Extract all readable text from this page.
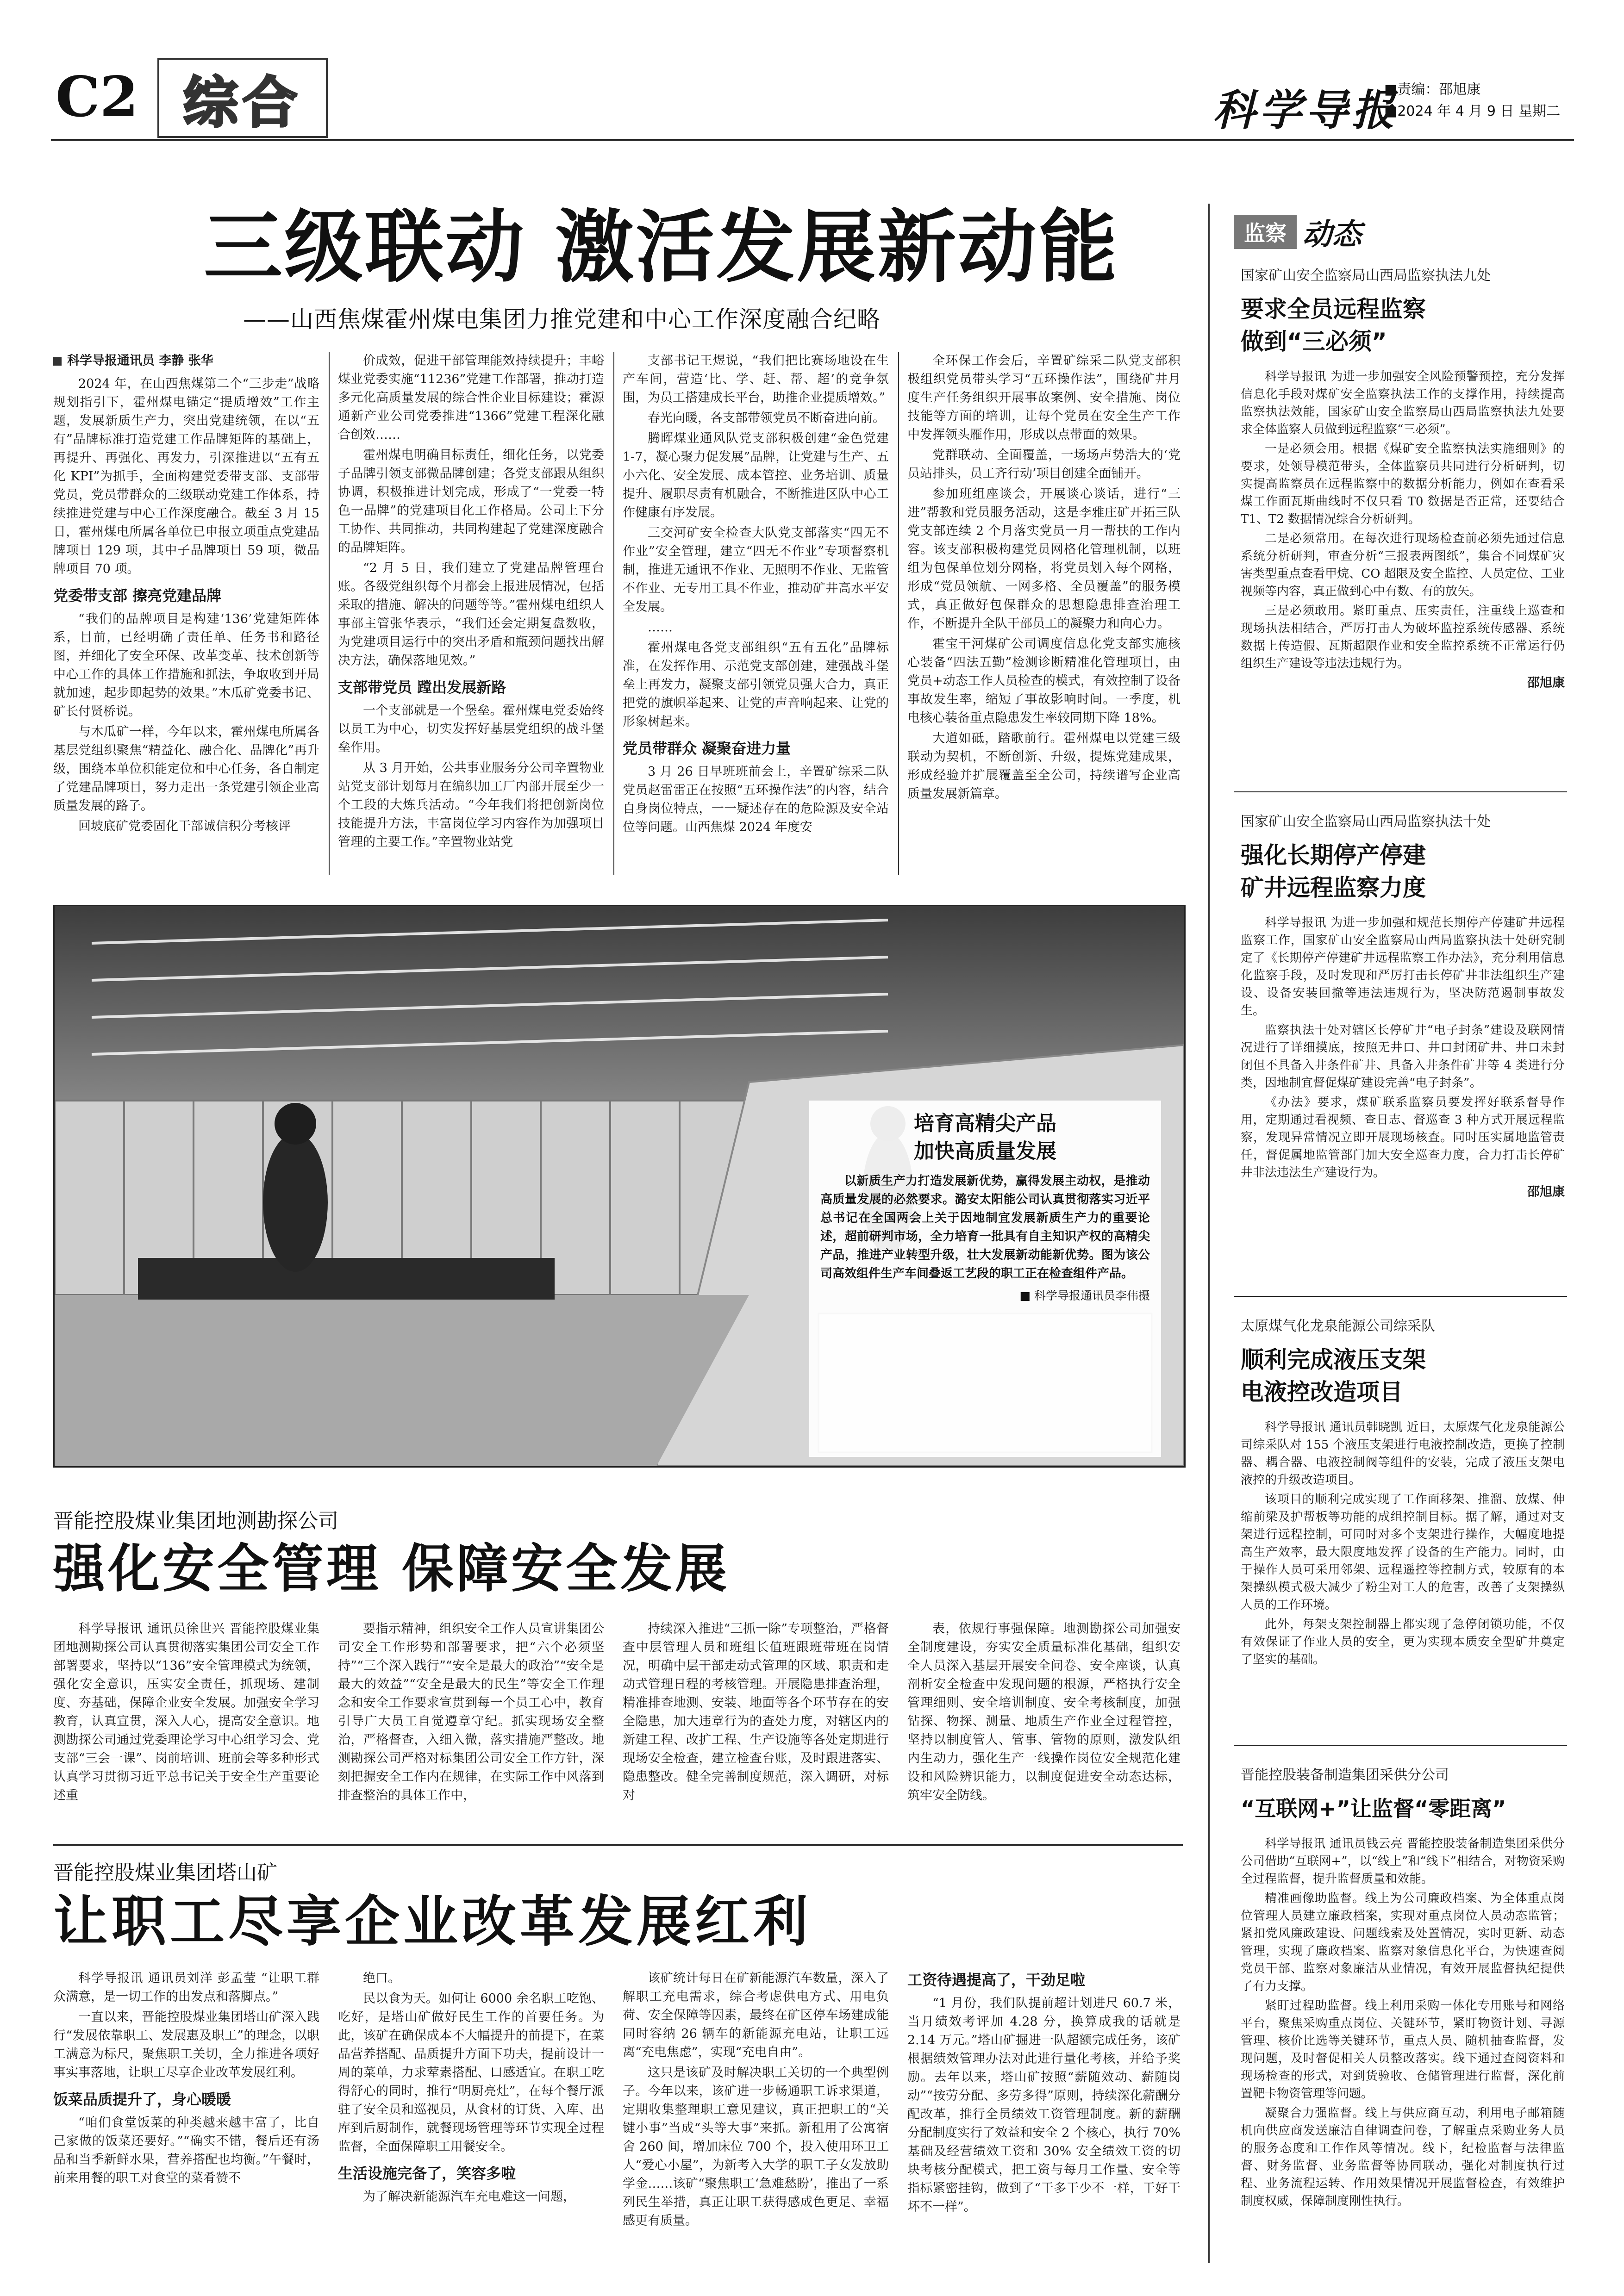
C2 综合	科学导报
■责编：邵旭康
■2024 年 4 月 9 日 星期二
三级联动 激活发展新动能
——山西焦煤霍州煤电集团力推党建和中心工作深度融合纪略
科学导报通讯员 李静 张华

2024 年，在山西焦煤第二个“三步走”战略规划指引下，霍州煤电锚定“提质增效”工作主题，发展新质生产力，突出党建统领，在以“五有”品牌标准打造党建工作品牌矩阵的基础上，再提升、再强化、再发力，引深推进以“五有五化 KPI”为抓手，全面构建党委带支部、支部带党员，党员带群众的三级联动党建工作体系，持续推进党建与中心工作深度融合。截至 3 月 15 日，霍州煤电所属各单位已申报立项重点党建品牌项目 129 项，其中子品牌项目 59 项，微品牌项目 70 项。

党委带支部 擦亮党建品牌

“我们的品牌项目是构建‘136’党建矩阵体系，目前，已经明确了责任单、任务书和路径图，并细化了安全环保、改革变革、技术创新等中心工作的具体工作措施和抓法，争取收到开局就加速，起步即起势的效果。”木瓜矿党委书记、矿长付贤桥说。

与木瓜矿一样，今年以来，霍州煤电所属各基层党组织聚焦“精益化、融合化、品牌化”再升级，围绕本单位积能定位和中心任务，各自制定了党建品牌项目，努力走出一条党建引领企业高质量发展的路子。

回坡底矿党委固化干部诚信积分考核评

价成效，促进干部管理能效持续提升；丰峪煤业党委实施“11236”党建工作部署，推动打造多元化高质量发展的综合性企业目标建设；霍源通新产业公司党委推进“1366”党建工程深化融合创效……

霍州煤电明确目标责任，细化任务，以党委子品牌引领支部微品牌创建；各党支部跟从组织协调，积极推进计划完成，形成了“一党委一特色一品牌”的党建项目化工作格局。公司上下分工协作、共同推动，共同构建起了党建深度融合的品牌矩阵。

“2 月 5 日，我们建立了党建品牌管理台账。各级党组织每个月都会上报进展情况，包括采取的措施、解决的问题等等。”霍州煤电组织人事部主管张华表示，“我们还会定期复盘数收，为党建项目运行中的突出矛盾和瓶颈问题找出解决方法，确保落地见效。”

支部带党员 蹚出发展新路

一个支部就是一个堡垒。霍州煤电党委始终以员工为中心，切实发挥好基层党组织的战斗堡垒作用。

从 3 月开始，公共事业服务分公司辛置物业站党支部计划每月在编织加工厂内部开展至少一个工段的大炼兵活动。“今年我们将把创新岗位技能提升方法，丰富岗位学习内容作为加强项目管理的主要工作。”辛置物业站党

支部书记王煜说，“我们把比赛场地设在生产车间，营造‘比、学、赶、帮、超’的竞争氛围，为员工搭建成长平台，助推企业提质增效。”

春光向暖，各支部带领党员不断奋进向前。

腾晖煤业通风队党支部积极创建“金色党建 1-7，凝心聚力促发展”品牌，让党建与生产、五小六化、安全发展、成本管控、业务培训、质量提升、履职尽责有机融合，不断推进区队中心工作健康有序发展。

三交河矿安全检查大队党支部落实“四无不作业”安全管理，建立“四无不作业”专项督察机制，推进无通讯不作业、无照明不作业、无监管不作业、无专用工具不作业，推动矿井高水平安全发展。

……

霍州煤电各党支部组织“五有五化”品牌标准，在发挥作用、示范党支部创建，建强战斗堡垒上再发力，凝聚支部引领党员强大合力，真正把党的旗帜举起来、让党的声音响起来、让党的形象树起来。

党员带群众 凝聚奋进力量

3 月 26 日早班班前会上，辛置矿综采二队党员赵雷雷正在按照“五环操作法”的内容，结合自身岗位特点，一一疑述存在的危险源及安全站位等问题。山西焦煤 2024 年度安

全环保工作会后，辛置矿综采二队党支部积极组织党员带头学习“五环操作法”，围绕矿井月度生产任务组织开展事故案例、安全措施、岗位技能等方面的培训，让每个党员在安全生产工作中发挥领头雁作用，形成以点带面的效果。

党群联动、全面覆盖，一场场声势浩大的‘党员站排头，员工齐行动’项目创建全面铺开。

参加班组座谈会，开展谈心谈话，进行“三进”帮教和党员服务活动，这是李雅庄矿开拓三队党支部连续 2 个月落实党员一月一帮扶的工作内容。该支部积极构建党员网格化管理机制，以班组为包保单位划分网格，将党员划入每个网格，形成“党员领航、一网多格、全员覆盖”的服务模式，真正做好包保群众的思想隐患排查治理工作，不断提升全队干部员工的凝聚力和向心力。

霍宝干河煤矿公司调度信息化党支部实施核心装备“四法五勤”检测诊断精准化管理项目，由党员+动态工作人员检查的模式，有效控制了设备事故发生率，缩短了事故影响时间。一季度，机电核心装备重点隐患发生率较同期下降 18%。

大道如砥，踏歌前行。霍州煤电以党建三级联动为契机，不断创新、升级，提炼党建成果，形成经验并扩展覆盖至全公司，持续谱写企业高质量发展新篇章。

培育高精尖产品
加快高质量发展
以新质生产力打造发展新优势，赢得发展主动权，是推动高质量发展的必然要求。潞安太阳能公司认真贯彻落实习近平总书记在全国两会上关于因地制宜发展新质生产力的重要论述，超前研判市场，全力培育一批具有自主知识产权的高精尖产品，推进产业转型升级，壮大发展新动能新优势。图为该公司高效组件生产车间叠返工艺段的职工正在检查组件产品。
■ 科学导报通讯员李伟摄
晋能控股煤业集团地测勘探公司
强化安全管理 保障安全发展

科学导报讯 通讯员徐世兴 晋能控股煤业集团地测勘探公司认真贯彻落实集团公司安全工作部署要求，坚持以“136”安全管理模式为统领，强化安全意识，压实安全责任，抓现场、建制度、夯基础，保障企业安全发展。加强安全学习教育，认真宣贯，深入人心，提高安全意识。地测勘探公司通过党委理论学习中心组学习会、党支部“三会一课”、岗前培训、班前会等多种形式认真学习贯彻习近平总书记关于安全生产重要论述重

要指示精神，组织安全工作人员宣讲集团公司安全工作形势和部署要求，把“六个必须坚持”“三个深入践行”“安全是最大的政治”“安全是最大的效益”“安全是最大的民生”等安全工作理念和安全工作要求宣贯到每一个员工心中，教育引导广大员工自觉遵章守纪。抓实现场安全整治，严格督查，入细入微，落实措施严整改。地测勘探公司严格对标集团公司安全工作方针，深刻把握安全工作内在规律，在实际工作中风落到排查整治的具体工作中，

持续深入推进“三抓一除”专项整治，严格督查中层管理人员和班组长值班跟班带班在岗情况，明确中层干部走动式管理的区域、职责和走动式管理日程的考核管理。开展隐患排查治理，精准排查地测、安装、地面等各个环节存在的安全隐患，加大违章行为的查处力度，对辖区内的新建工程、改扩工程、生产设施等各处定期进行现场安全检查，建立检查台账，及时跟进落实、隐患整改。健全完善制度规范，深入调研，对标对

表，依规行事强保障。地测勘探公司加强安全制度建设，夯实安全质量标准化基础，组织安全人员深入基层开展安全问卷、安全座谈，认真剖析安全检查中发现问题的根源，严格执行安全管理细则、安全培训制度、安全考核制度，加强钻探、物探、测量、地质生产作业全过程管控，坚持以制度管人、管事、管物的原则，激发队组内生动力，强化生产一线操作岗位安全规范化建设和风险辨识能力，以制度促进安全动态达标，筑牢安全防线。

晋能控股煤业集团塔山矿
让职工尽享企业改革发展红利

科学导报讯 通讯员刘洋 彭孟莹 “让职工群众满意，是一切工作的出发点和落脚点。”

一直以来，晋能控股煤业集团塔山矿深入践行“发展依靠职工、发展惠及职工”的理念，以职工满意为标尺，聚焦职工关切，全力推进各项好事实事落地，让职工尽享企业改革发展红利。

饭菜品质提升了，身心暖暖

“咱们食堂饭菜的种类越来越丰富了，比自己家做的饭菜还要好。”“确实不错，餐后还有汤品和当季新鲜水果，营养搭配也均衡。”午餐时，前来用餐的职工对食堂的菜肴赞不

绝口。

民以食为天。如何让 6000 余名职工吃饱、吃好，是塔山矿做好民生工作的首要任务。为此，该矿在确保成本不大幅提升的前提下，在菜品营养搭配、品质提升方面下功夫，提前设计一周的菜单，力求荤素搭配、口感适宜。在职工吃得舒心的同时，推行“明厨亮灶”，在每个餐厅派驻了安全员和巡视员，从食材的订货、入库、出库到后厨制作，就餐现场管理等环节实现全过程监督，全面保障职工用餐安全。

生活设施完备了，笑容多啦

为了解决新能源汽车充电难这一问题，

该矿统计每日在矿新能源汽车数量，深入了解职工充电需求，综合考虑供电方式、用电负荷、安全保障等因素，最终在矿区停车场建成能同时容纳 26 辆车的新能源充电站，让职工远离“充电焦虑”，实现“充电自由”。

这只是该矿及时解决职工关切的一个典型例子。今年以来，该矿进一步畅通职工诉求渠道，定期收集整理职工意见建议，真正把职工的“关键小事”当成“头等大事”来抓。新租用了公寓宿舍 260 间，增加床位 700 个，投入使用环卫工人“爱心小屋”，为新考入大学的职工子女发放助学金……该矿“聚焦职工‘急难愁盼’，推出了一系列民生举措，真正让职工获得感成色更足、幸福感更有质量。

工资待遇提高了，干劲足啦

“1 月份，我们队提前超计划进尺 60.7 米，当月绩效考评加 4.28 分，换算成我的话就是 2.14 万元。”塔山矿掘进一队超额完成任务，该矿根据绩效管理办法对此进行量化考核，并给予奖励。去年以来，塔山矿按照“薪随效动、薪随岗动”“按劳分配、多劳多得”原则，持续深化薪酬分配改革，推行全员绩效工资管理制度。新的薪酬分配制度实行了效益和安全 2 个核心，执行 70% 基础及经营绩效工资和 30% 安全绩效工资的切块考核分配模式，把工资与每月工作量、安全等指标紧密挂钩，做到了“干多干少不一样，干好干坏不一样”。

监察 动态
国家矿山安全监察局山西局监察执法九处
要求全员远程监察
做到“三必须”

科学导报讯 为进一步加强安全风险预警预控，充分发挥信息化手段对煤矿安全监察执法工作的支撑作用，持续提高监察执法效能，国家矿山安全监察局山西局监察执法九处要求全体监察人员做到远程监察“三必须”。

一是必须会用。根据《煤矿安全监察执法实施细则》的要求，处领导模范带头，全体监察员共同进行分析研判，切实提高监察员在远程监察中的数据分析能力，例如在查看采煤工作面瓦斯曲线时不仅只看 T0 数据是否正常，还要结合 T1、T2 数据情况综合分析研判。

二是必须常用。在每次进行现场检查前必须先通过信息系统分析研判，审查分析“三报表两图纸”，集合不同煤矿灾害类型重点查看甲烷、CO 超限及安全监控、人员定位、工业视频等内容，真正做到心中有数、有的放矢。

三是必须敢用。紧盯重点、压实责任，注重线上巡查和现场执法相结合，严厉打击人为破坏监控系统传感器、系统数据上传造假、瓦斯超限作业和安全监控系统不正常运行仍组织生产建设等违法违规行为。

邵旭康
国家矿山安全监察局山西局监察执法十处
强化长期停产停建
矿井远程监察力度

科学导报讯 为进一步加强和规范长期停产停建矿井远程监察工作，国家矿山安全监察局山西局监察执法十处研究制定了《长期停产停建矿井远程监察工作办法》，充分利用信息化监察手段，及时发现和严厉打击长停矿井非法组织生产建设、设备安装回撤等违法违规行为，坚决防范遏制事故发生。

监察执法十处对辖区长停矿井“电子封条”建设及联网情况进行了详细摸底，按照无井口、井口封闭矿井、井口未封闭但不具备入井条件矿井、具备入井条件矿井等 4 类进行分类，因地制宜督促煤矿建设完善“电子封条”。

《办法》要求，煤矿联系监察员要发挥好联系督导作用，定期通过看视频、查日志、督巡查 3 种方式开展远程监察，发现异常情况立即开展现场核查。同时压实属地监管责任，督促属地监管部门加大安全巡查力度，合力打击长停矿井非法违法生产建设行为。

邵旭康
太原煤气化龙泉能源公司综采队
顺利完成液压支架
电液控改造项目

科学导报讯 通讯员韩晓凯 近日，太原煤气化龙泉能源公司综采队对 155 个液压支架进行电液控制改造，更换了控制器、耦合器、电液控制阀等组件的安装，完成了液压支架电液控的升级改造项目。

该项目的顺利完成实现了工作面移架、推溜、放煤、伸缩前梁及护帮板等功能的成组控制目标。据了解，通过对支架进行远程控制，可同时对多个支架进行操作，大幅度地提高生产效率，最大限度地发挥了设备的生产能力。同时，由于操作人员可采用邻架、远程遥控等控制方式，较原有的本架操纵模式极大减少了粉尘对工人的危害，改善了支架操纵人员的工作环境。

此外，每架支架控制器上都实现了急停闭锁功能，不仅有效保证了作业人员的安全，更为实现本质安全型矿井奠定了坚实的基础。

晋能控股装备制造集团采供分公司
“互联网+”让监督“零距离”

科学导报讯 通讯员钱云亮 晋能控股装备制造集团采供分公司借助“互联网+”，以“线上”和“线下”相结合，对物资采购全过程监督，提升监督质量和效能。

精准画像助监督。线上为公司廉政档案、为全体重点岗位管理人员建立廉政档案，实现对重点岗位人员动态监管；紧扣党风廉政建设、问题线索及处置情况，实时更新、动态管理，实现了廉政档案、监察对象信息化平台，为快速查阅党员干部、监察对象廉洁从业情况，有效开展监督执纪提供了有力支撑。

紧盯过程助监督。线上利用采购一体化专用账号和网络平台，聚焦采购重点岗位、关键环节，紧盯物资计划、寻源管理、核价比选等关键环节，重点人员、随机抽查监督，发现问题，及时督促相关人员整改落实。线下通过查阅资料和现场检查的形式，对到货验收、仓储管理进行监督，深化前置靶卡物资管理等问题。

凝聚合力强监督。线上与供应商互动，利用电子邮箱随机向供应商发送廉洁自律调查问卷，了解重点采购业务人员的服务态度和工作作风等情况。线下，纪检监督与法律监督、财务监督、业务监督等协同联动，强化对制度执行过程、业务流程运转、作用效果情况开展监督检查，有效维护制度权威，保障制度刚性执行。
